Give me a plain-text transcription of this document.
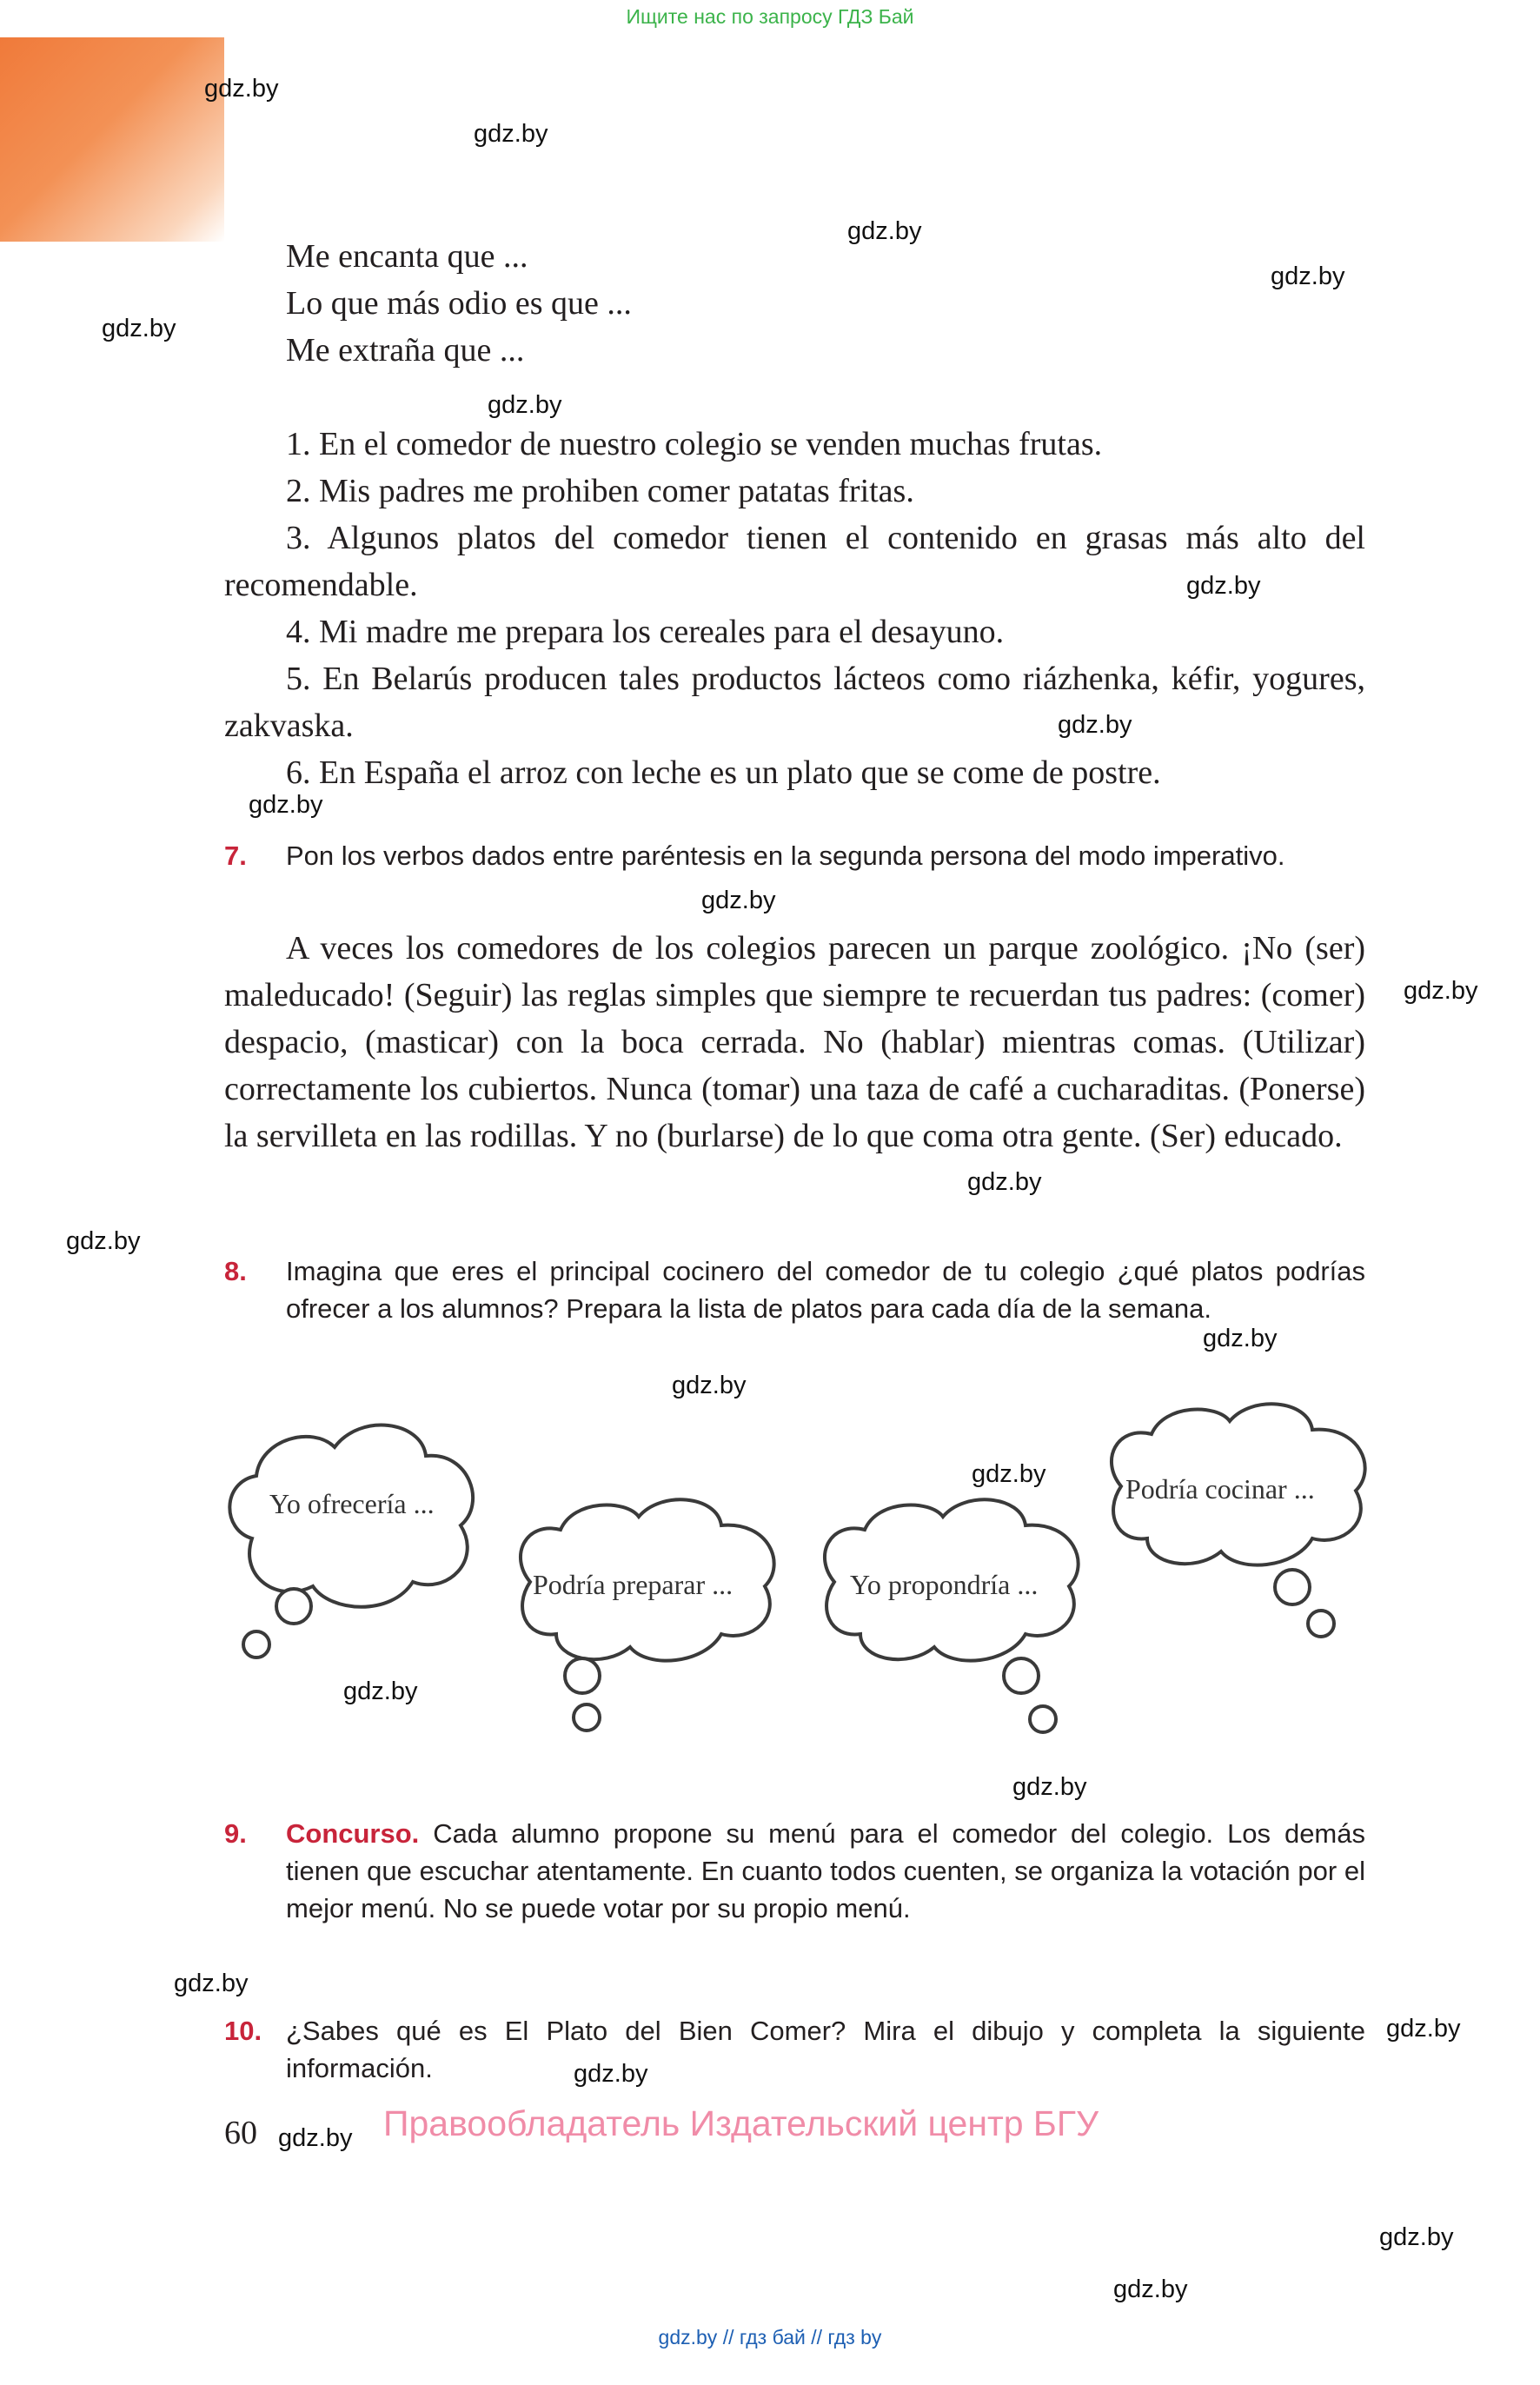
Ищите нас по запросу ГДЗ Бай
gdz.by
gdz.by
gdz.by
gdz.by
gdz.by
gdz.by
gdz.by
gdz.by
gdz.by
gdz.by
gdz.by
gdz.by
gdz.by
gdz.by
gdz.by
gdz.by
gdz.by
gdz.by
gdz.by
gdz.by
gdz.by
gdz.by
gdz.by
gdz.by
Me encanta que ...
Lo que más odio es que ...
Me extraña que ...
1. En el comedor de nuestro colegio se venden muchas frutas.
2. Mis padres me prohiben comer patatas fritas.
3. Algunos platos del comedor tienen el contenido en grasas más alto del recomendable.
4. Mi madre me prepara los cereales para el desayuno.
5. En Belarús producen tales productos lácteos como riázhenka, kéfir, yogures, zakvaska.
6. En España el arroz con leche es un plato que se come de postre.
7. Pon los verbos dados entre paréntesis en la segunda persona del modo imperativo.
A veces los comedores de los colegios parecen un parque zoológico. ¡No (ser) maleducado! (Seguir) las reglas simples que siempre te recuerdan tus padres: (comer) despacio, (masticar) con la boca cerrada. No (hablar) mientras comas. (Utilizar) correctamente los cubiertos. Nunca (tomar) una taza de café a cucharaditas. (Ponerse) la servilleta en las rodillas. Y no (burlarse) de lo que coma otra gente. (Ser) educado.
8. Imagina que eres el principal cocinero del comedor de tu colegio ¿qué platos podrías ofrecer a los alumnos? Prepara la lista de platos para cada día de la semana.
Yo ofrecería ...
Podría preparar ...	Yo propondría ...
Podría cocinar ...
9. Concurso. Cada alumno propone su menú para el comedor del colegio. Los demás tienen que escuchar atentamente. En cuanto todos cuenten, se organiza la votación por el mejor menú. No se puede votar por su propio menú.
10. ¿Sabes qué es El Plato del Bien Comer? Mira el dibujo y completa la siguiente información.
60	Правообладатель Издательский центр БГУ
gdz.by // гдз бай // гдз by
